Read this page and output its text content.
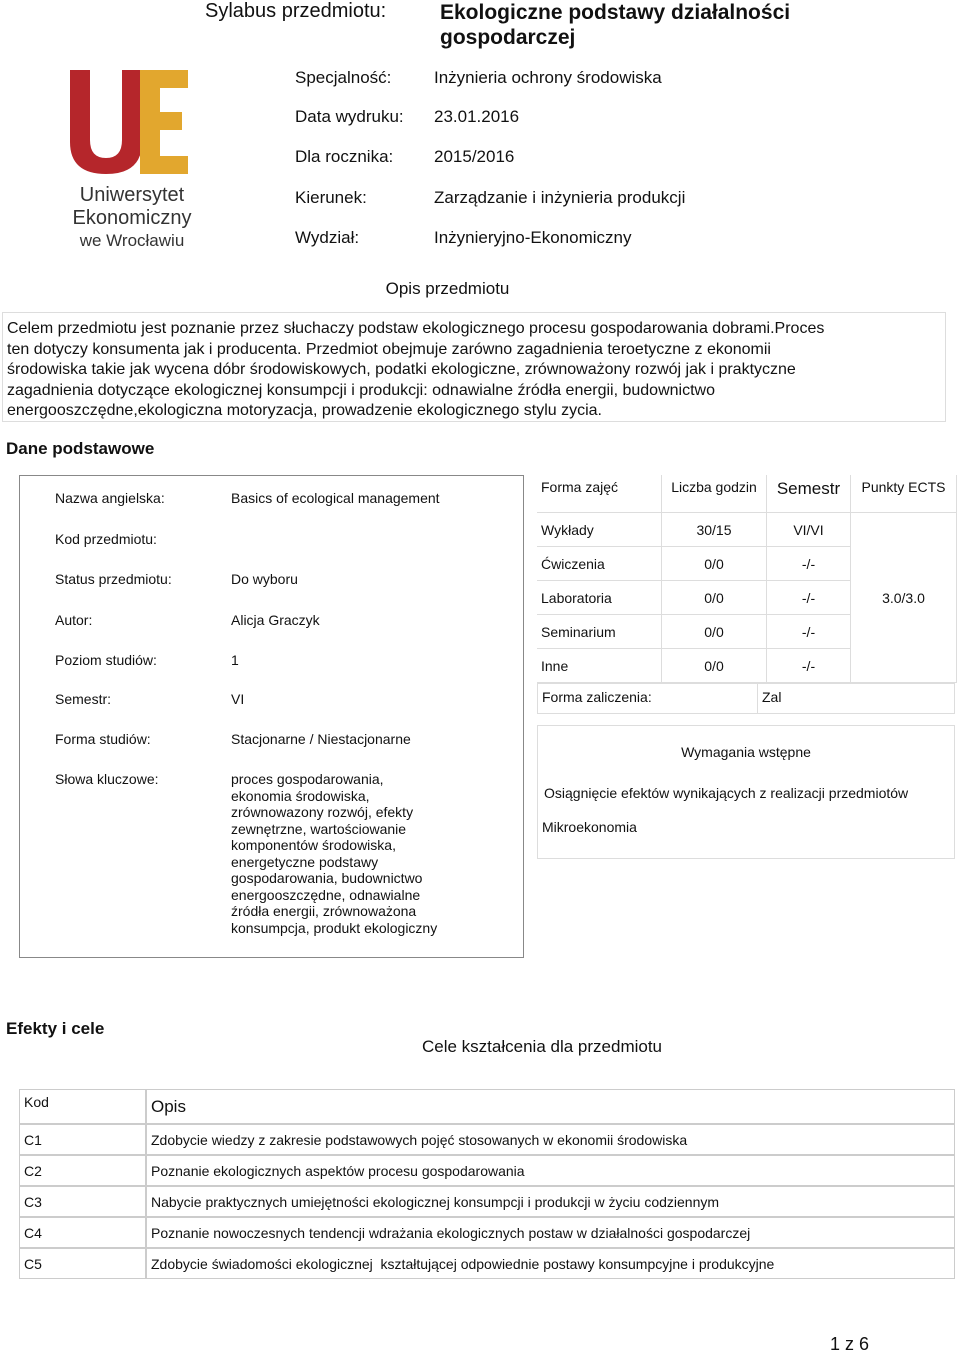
Sylabus przedmiotu:	Ekologiczne podstawy działalności gospodarczej
Specjalność:	Inżynieria ochrony środowiska
Data wydruku: 23.01.2016
Dla rocznika: 2015/2016
Kierunek:	Zarządzanie i inżynieria produkcji
Wydział:	Inżynieryjno-Ekonomiczny
Uniwersytet
Ekonomiczny
we Wrocławiu
Opis przedmiotu
Celem przedmiotu jest poznanie przez słuchaczy podstaw ekologicznego procesu gospodarowania dobrami.Proces
ten dotyczy konsumenta jak i producenta. Przedmiot obejmuje zarówno zagadnienia teroetyczne z ekonomii
środowiska takie jak wycena dóbr środowiskowych, podatki ekologiczne, zrównoważony rozwój jak i praktyczne
zagadnienia dotyczące ekologicznej konsumpcji i produkcji: odnawialne źródła energii, budownictwo
energooszczędne,ekologiczna motoryzacja, prowadzenie ekologicznego stylu zycia.
Dane podstawowe
Nazwa angielska:	Basics of ecological management
Kod przedmiotu:
Status przedmiotu:	Do wyboru
Autor:	Alicja Graczyk
Poziom studiów:	1
Semestr:	VI
Forma studiów:	Stacjonarne / Niestacjonarne
Słowa kluczowe:	proces gospodarowania,
ekonomia środowiska,
zrównowazony rozwój, efekty
zewnętrzne, wartościowanie
komponentów środowiska,
energetyczne podstawy
gospodarowania, budownictwo
energooszczędne, odnawialne
źródła energii, zrównoważona
konsumpcja, produkt ekologiczny
Forma zajęć	Liczba godzin	Semestr	Punkty ECTS
Wykłady	30/15	VI/VI	3.0/3.0
Ćwiczenia	0/0	-/-	
Laboratoria	0/0	-/-	
Seminarium	0/0	-/-	
Inne	0/0	-/-	
Forma zaliczenia:	Zal
Wymagania wstępne
Osiągnięcie efektów wynikających z realizacji przedmiotów
Mikroekonomia
Efekty i cele
Cele kształcenia dla przedmiotu
Kod	Opis
C1	Zdobycie wiedzy z zakresie podstawowych pojęć stosowanych w ekonomii środowiska
C2	Poznanie ekologicznych aspektów procesu gospodarowania
C3	Nabycie praktycznych umiejętności ekologicznej konsumpcji i produkcji w życiu codziennym
C4	Poznanie nowoczesnych tendencji wdrażania ekologicznych postaw w działalności gospodarczej
C5	Zdobycie świadomości ekologicznej  kształtującej odpowiednie postawy konsumpcyjne i produkcyjne
1 z 6
